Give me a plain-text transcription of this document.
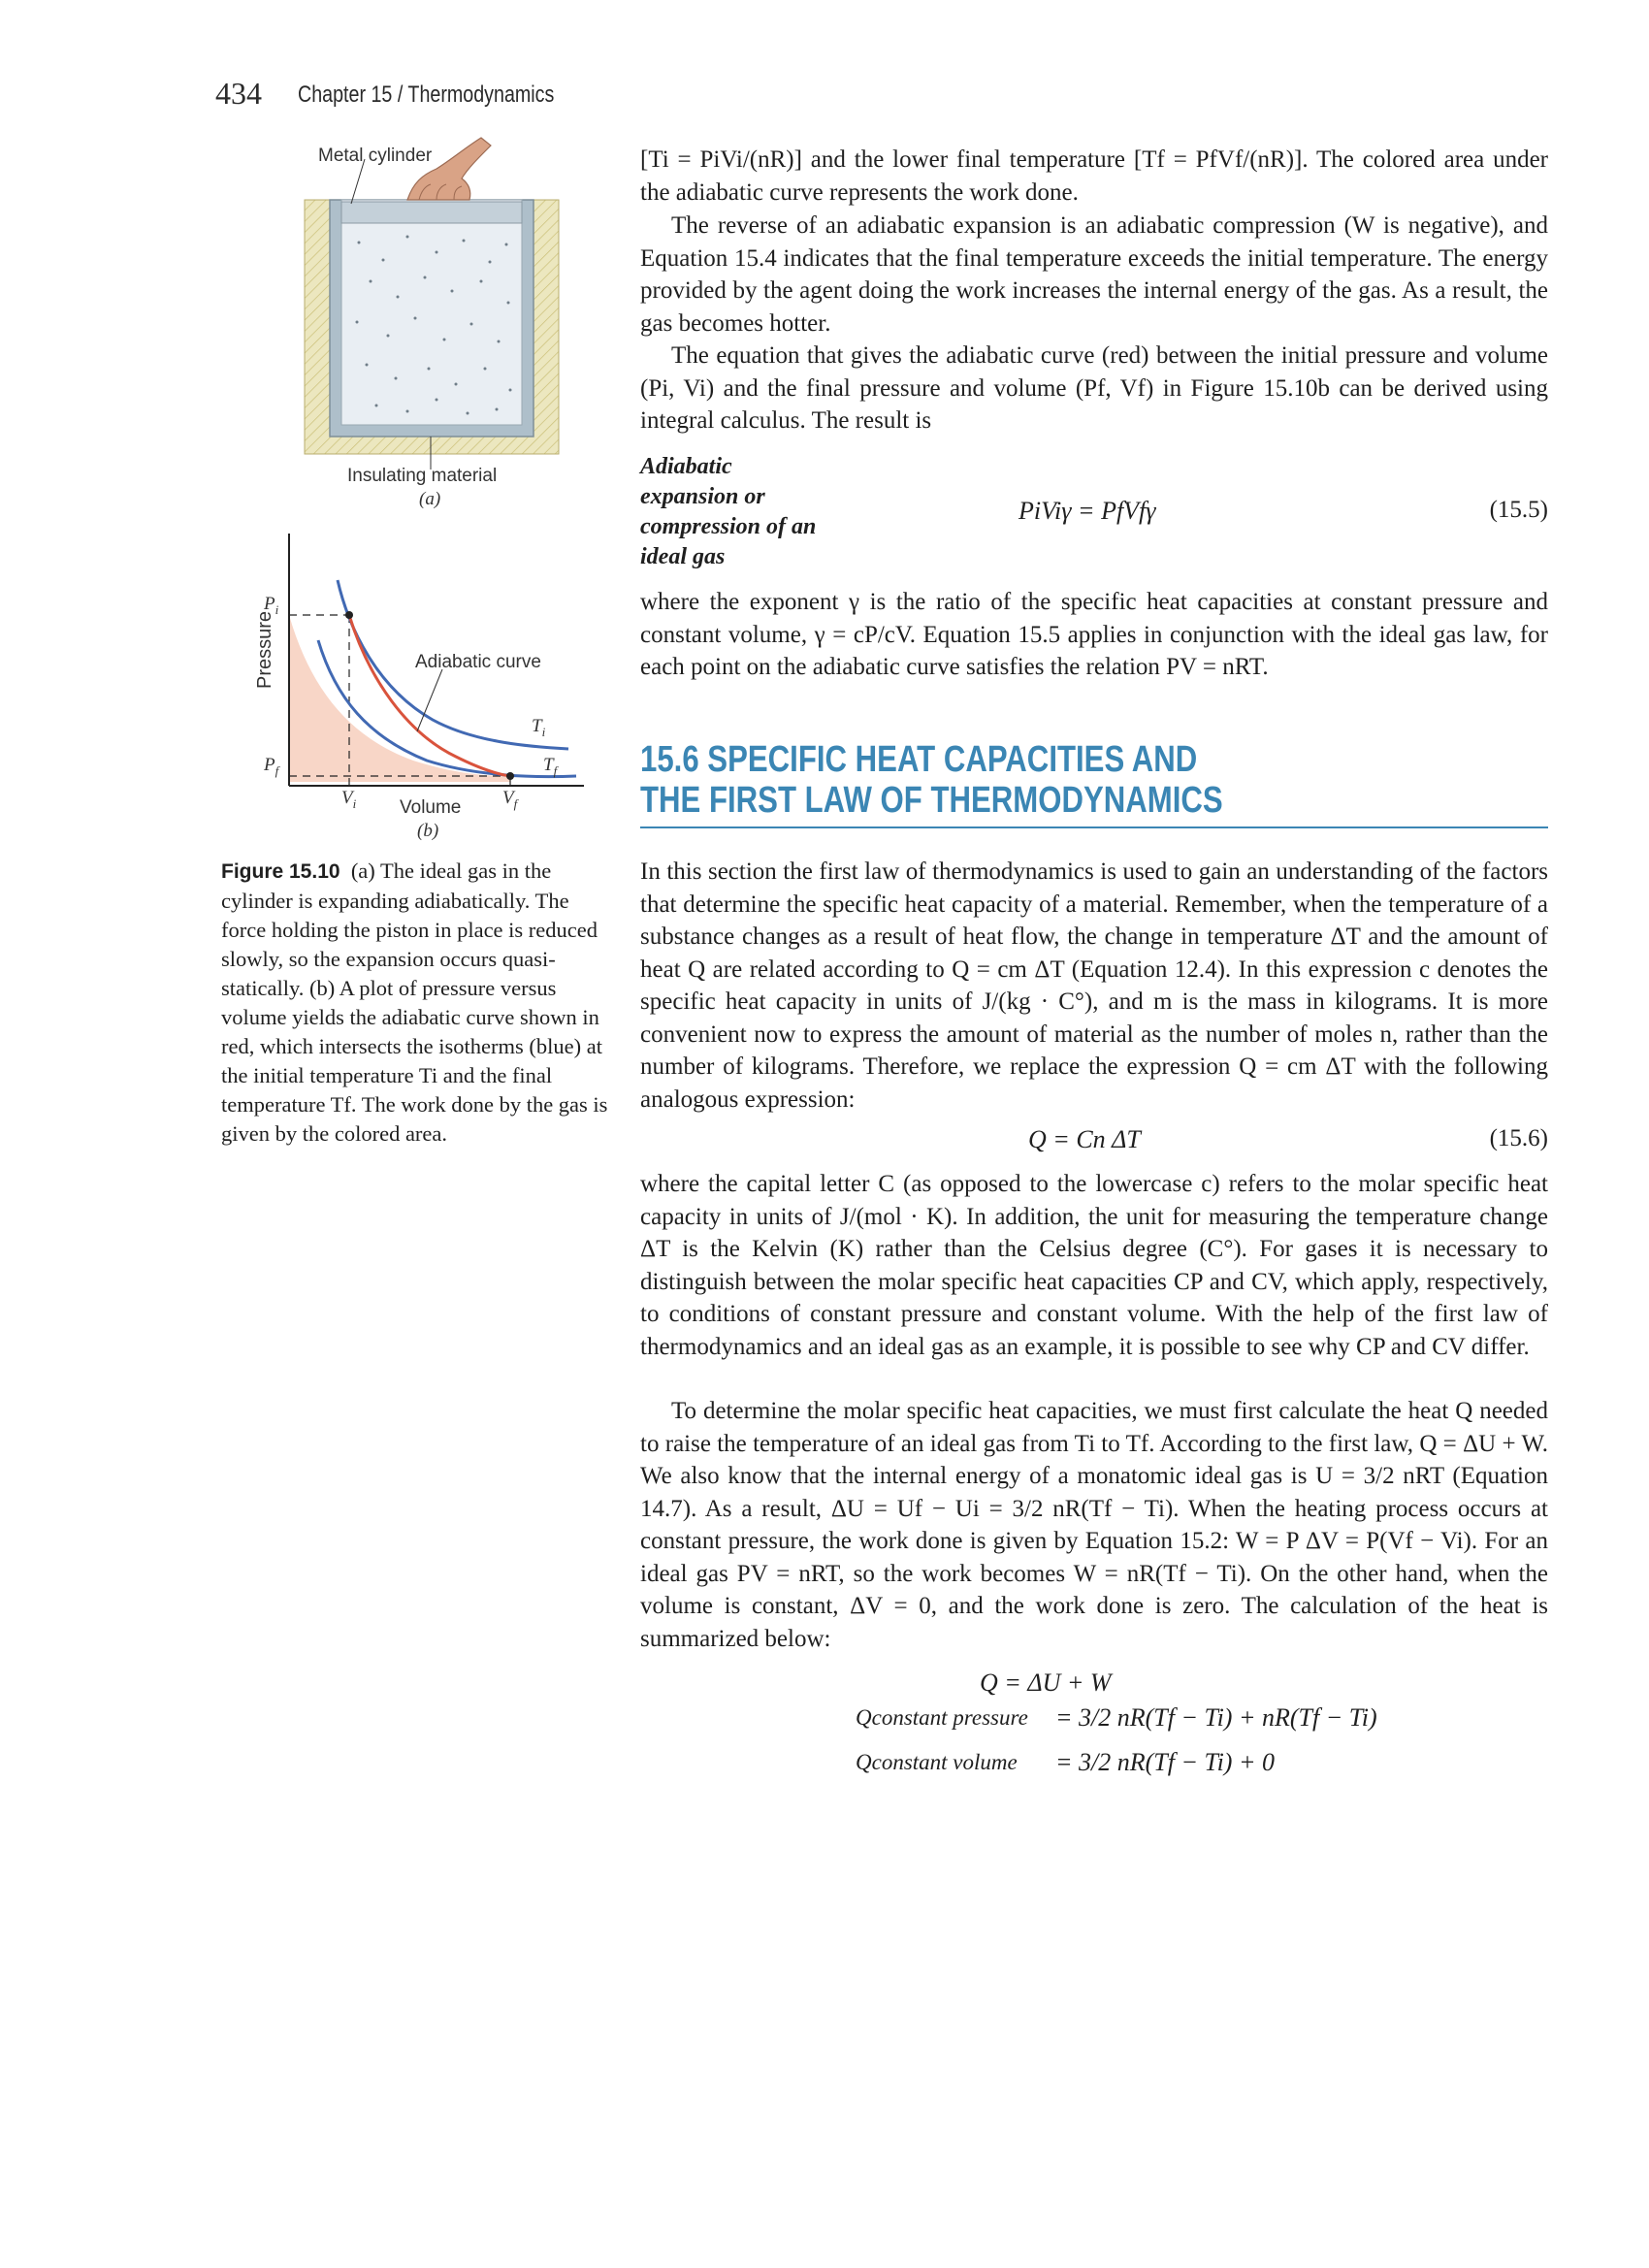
434 Chapter 15 / Thermodynamics
Metal cylinder
Insulating material
(a)
Pressure
$P_i$
$P_f$
$V_i$	$V_f$
$T_i$
$T_f$
Adiabatic curve
Volume
(b)
Figure 15.10 (a) The ideal gas in the cylinder is expanding adiabatically. The force holding the piston in place is reduced slowly, so the expansion occurs quasi-statically. (b) A plot of pressure versus volume yields the adiabatic curve shown in red, which intersects the isotherms (blue) at the initial temperature Ti and the final temperature Tf. The work done by the gas is given by the colored area.
[Ti = PiVi/(nR)] and the lower final temperature [Tf = PfVf/(nR)]. The colored area under the adiabatic curve represents the work done.
The reverse of an adiabatic expansion is an adiabatic compression (W is negative), and Equation 15.4 indicates that the final temperature exceeds the initial temperature. The energy provided by the agent doing the work increases the internal energy of the gas. As a result, the gas becomes hotter.
The equation that gives the adiabatic curve (red) between the initial pressure and volume (Pi, Vi) and the final pressure and volume (Pf, Vf) in Figure 15.10b can be derived using integral calculus. The result is
Adiabatic expansion or compression of an ideal gas
PiViγ = PfVfγ	(15.5)
where the exponent γ is the ratio of the specific heat capacities at constant pressure and constant volume, γ = cP/cV. Equation 15.5 applies in conjunction with the ideal gas law, for each point on the adiabatic curve satisfies the relation PV = nRT.
15.6 SPECIFIC HEAT CAPACITIES AND
THE FIRST LAW OF THERMODYNAMICS
In this section the first law of thermodynamics is used to gain an understanding of the factors that determine the specific heat capacity of a material. Remember, when the temperature of a substance changes as a result of heat flow, the change in temperature ΔT and the amount of heat Q are related according to Q = cm ΔT (Equation 12.4). In this expression c denotes the specific heat capacity in units of J/(kg · C°), and m is the mass in kilograms. It is more convenient now to express the amount of material as the number of moles n, rather than the number of kilograms. Therefore, we replace the expression Q = cm ΔT with the following analogous expression:
Q = Cn ΔT	(15.6)
where the capital letter C (as opposed to the lowercase c) refers to the molar specific heat capacity in units of J/(mol · K). In addition, the unit for measuring the temperature change ΔT is the Kelvin (K) rather than the Celsius degree (C°). For gases it is necessary to distinguish between the molar specific heat capacities CP and CV, which apply, respectively, to conditions of constant pressure and constant volume. With the help of the first law of thermodynamics and an ideal gas as an example, it is possible to see why CP and CV differ.
To determine the molar specific heat capacities, we must first calculate the heat Q needed to raise the temperature of an ideal gas from Ti to Tf. According to the first law, Q = ΔU + W. We also know that the internal energy of a monatomic ideal gas is U = 3/2 nRT (Equation 14.7). As a result, ΔU = Uf − Ui = 3/2 nR(Tf − Ti). When the heating process occurs at constant pressure, the work done is given by Equation 15.2: W = P ΔV = P(Vf − Vi). For an ideal gas PV = nRT, so the work becomes W = nR(Tf − Ti). On the other hand, when the volume is constant, ΔV = 0, and the work done is zero. The calculation of the heat is summarized below:
Q = ΔU + W
Qconstant pressure = 3/2 nR(Tf − Ti) + nR(Tf − Ti)
Qconstant volume = 3/2 nR(Tf − Ti) + 0
